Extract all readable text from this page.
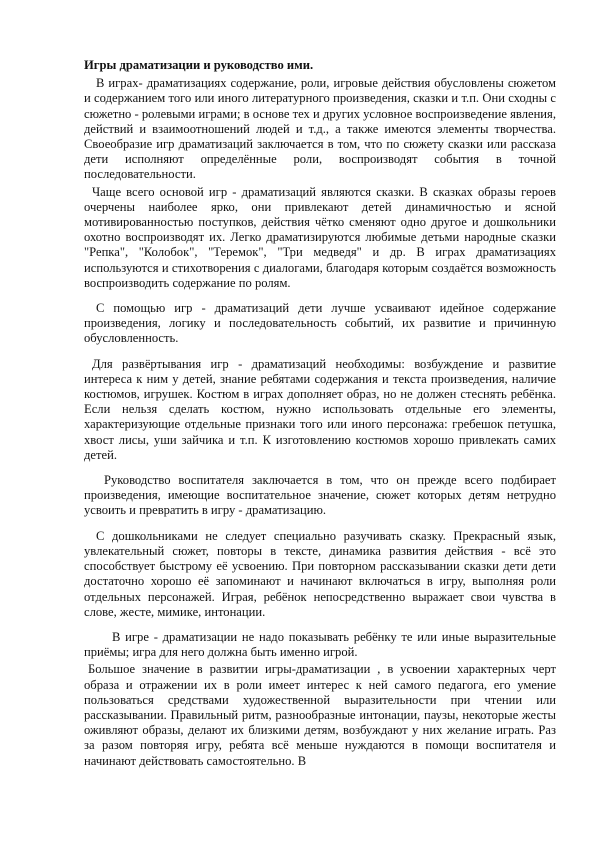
Игры драматизации и руководство ими.

В играх- драматизациях содержание, роли, игровые действия обусловлены сюжетом и содержанием того или иного литературного произведения, сказки и т.п. Они сходны с сюжетно - ролевыми играми; в основе тех и других условное воспроизведение явления, действий и взаимоотношений людей и т.д., а также имеются элементы творчества. Своеобразие игр драматизаций заключается в том, что по сюжету сказки или рассказа дети исполняют определённые роли, воспроизводят события в точной последовательности.

Чаще всего основой игр - драматизаций являются сказки. В сказках образы героев очерчены наиболее ярко, они привлекают детей динамичностью и ясной мотивированностью поступков, действия чётко сменяют одно другое и дошкольники охотно воспроизводят их. Легко драматизируются любимые детьми народные сказки "Репка", "Колобок", "Теремок", "Три медведя" и др. В играх драматизациях используются и стихотворения с диалогами, благодаря которым создаётся возможность воспроизводить содержание по ролям.

С помощью игр - драматизаций дети лучше усваивают идейное содержание произведения, логику и последовательность событий, их развитие и причинную обусловленность.

Для развёртывания игр - драматизаций необходимы: возбуждение и развитие интереса к ним у детей, знание ребятами содержания и текста произведения, наличие костюмов, игрушек. Костюм в играх дополняет образ, но не должен стеснять ребёнка. Если нельзя сделать костюм, нужно использовать отдельные его элементы, характеризующие отдельные признаки того или иного персонажа: гребешок петушка, хвост лисы, уши зайчика и т.п. К изготовлению костюмов хорошо привлекать самих детей.

Руководство воспитателя заключается в том, что он прежде всего подбирает произведения, имеющие воспитательное значение, сюжет которых детям нетрудно усвоить и превратить в игру - драматизацию.

С дошкольниками не следует специально разучивать сказку. Прекрасный язык, увлекательный сюжет, повторы в тексте, динамика развития действия - всё это способствует быстрому её усвоению. При повторном рассказывании сказки дети дети достаточно хорошо её запоминают и начинают включаться в игру, выполняя роли отдельных персонажей. Играя, ребёнок непосредственно выражает свои чувства в слове, жесте, мимике, интонации.

В игре - драматизации не надо показывать ребёнку те или иные выразительные приёмы; игра для него должна быть именно игрой.

Большое значение в развитии игры-драматизации , в усвоении характерных черт образа и отражении их в роли имеет интерес к ней самого педагога, его умение пользоваться средствами художественной выразительности при чтении или рассказывании. Правильный ритм, разнообразные интонации, паузы, некоторые жесты оживляют образы, делают их близкими детям, возбуждают у них желание играть. Раз за разом повторяя игру, ребята всё меньше нуждаются в помощи воспитателя и начинают действовать самостоятельно. В
